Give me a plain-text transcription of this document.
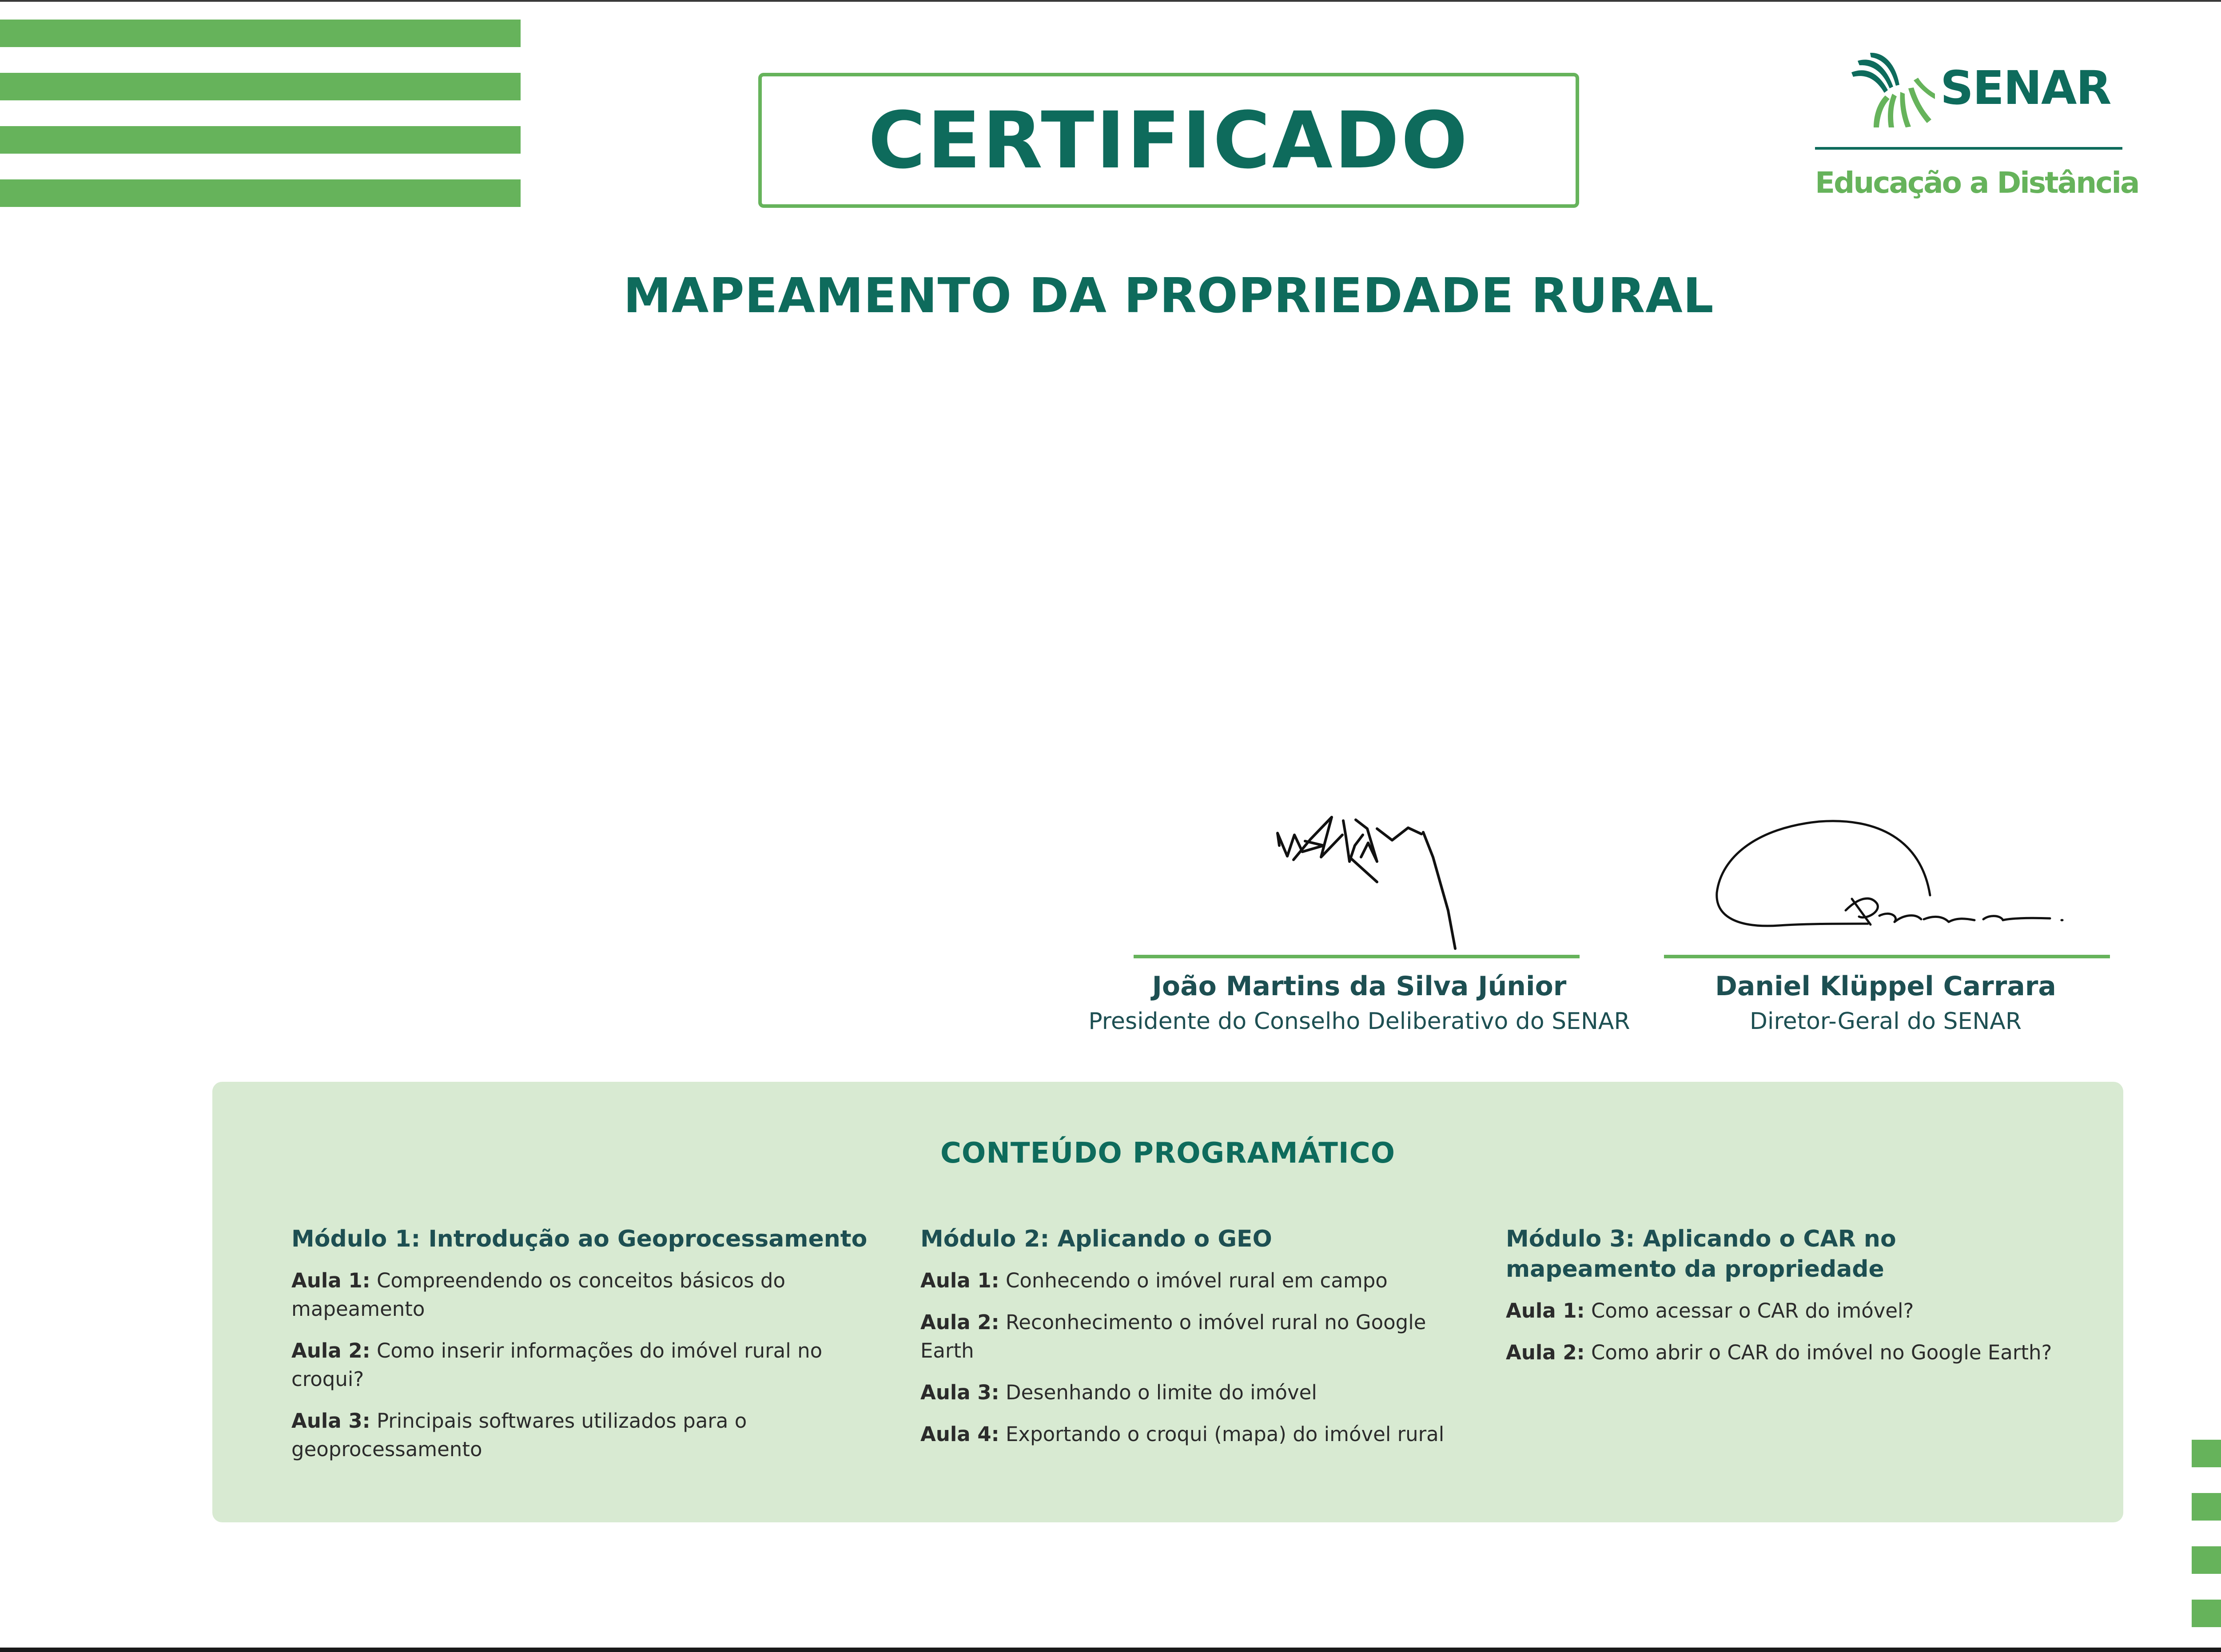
CERTIFICADO
SENAR
Educação a Distância
MAPEAMENTO DA PROPRIEDADE RURAL
João Martins da Silva Júnior
Presidente do Conselho Deliberativo do SENAR
Daniel Klüppel Carrara
Diretor-Geral do SENAR
CONTEÚDO PROGRAMÁTICO
Módulo 1: Introdução ao Geoprocessamento
Aula 1: Compreendendo os conceitos básicos do mapeamento
Aula 2: Como inserir informações do imóvel rural no croqui?
Aula 3: Principais softwares utilizados para o geoprocessamento
Módulo 2: Aplicando o GEO
Aula 1: Conhecendo o imóvel rural em campo
Aula 2: Reconhecimento o imóvel rural no Google Earth
Aula 3: Desenhando o limite do imóvel
Aula 4: Exportando o croqui (mapa) do imóvel rural
Módulo 3: Aplicando o CAR no mapeamento da propriedade
Aula 1: Como acessar o CAR do imóvel?
Aula 2: Como abrir o CAR do imóvel no Google Earth?
